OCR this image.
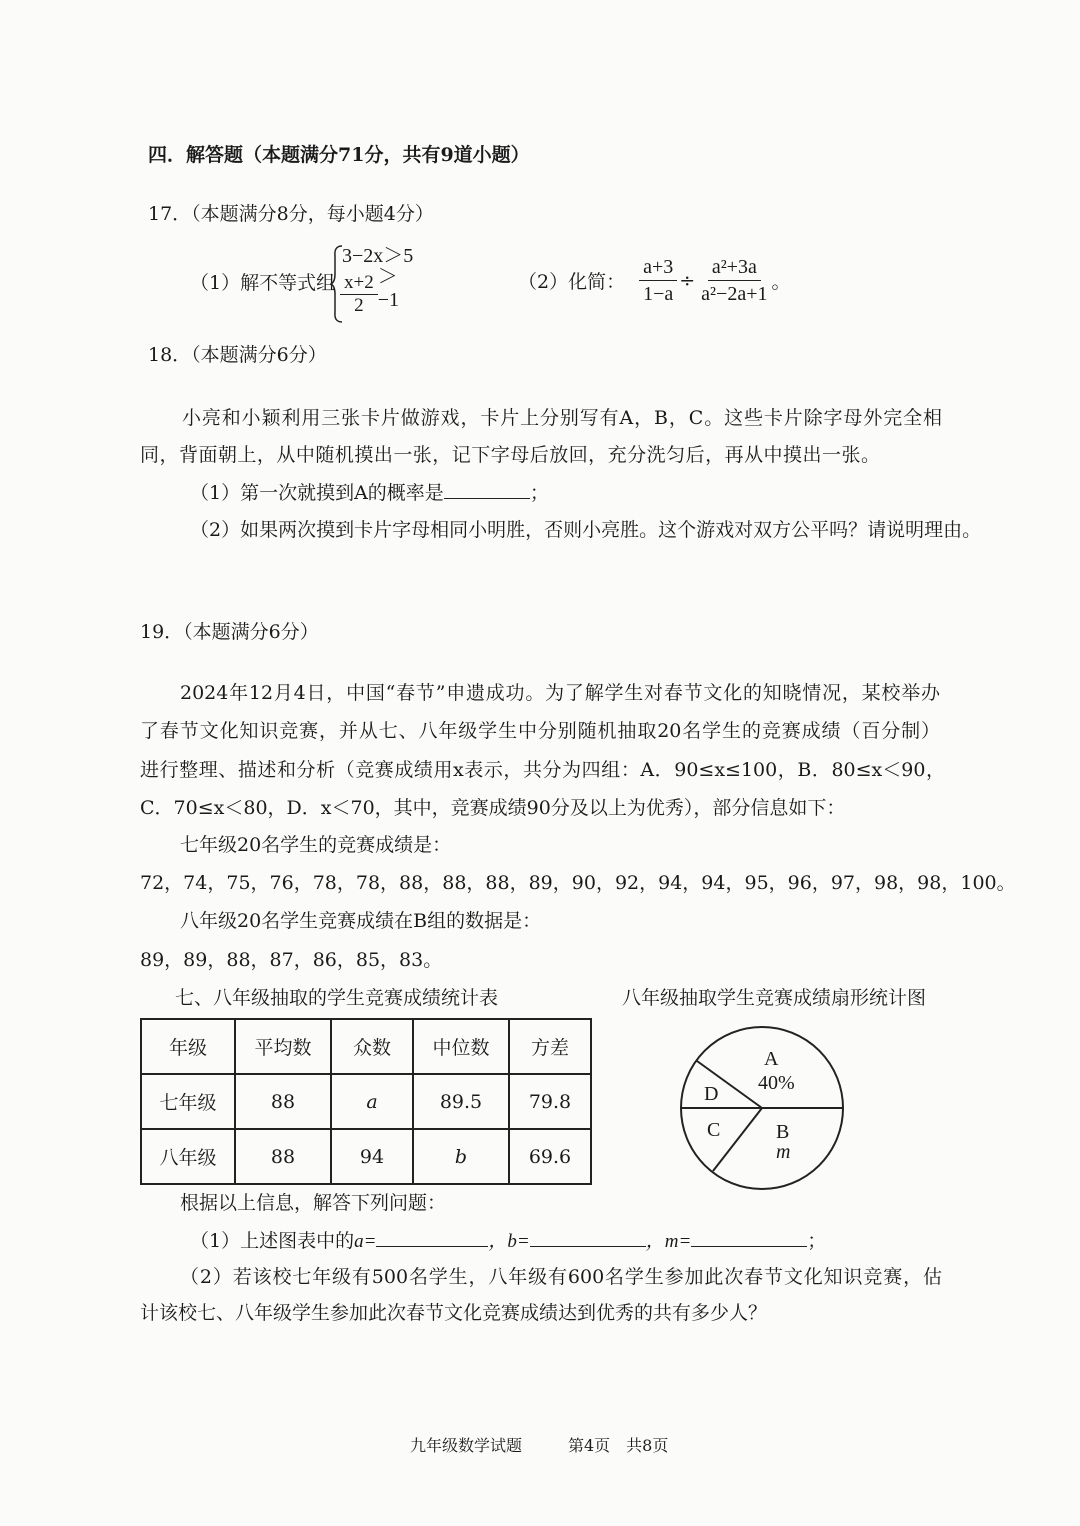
四．解答题（本题满分71分，共有9道小题）
17．（本题满分8分，每小题4分）
（1）解不等式组
3−2x＞5
$\frac{x+2}{2} >-1$
（2）化简： $\frac{a+3}{1-a} \div \frac{\text{a²+3a}}{\text{a²−2a+1}}$ 。
18．（本题满分6分）
小亮和小颖利用三张卡片做游戏，卡片上分别写有A，B，C。这些卡片除字母外完全相
同，背面朝上，从中随机摸出一张，记下字母后放回，充分洗匀后，再从中摸出一张。
（1）第一次就摸到A的概率是	；
（2）如果两次摸到卡片字母相同小明胜，否则小亮胜。这个游戏对双方公平吗？请说明理由。
19．（本题满分6分）
2024年12月4日，中国“春节”申遗成功。为了解学生对春节文化的知晓情况，某校举办
了春节文化知识竞赛，并从七、八年级学生中分别随机抽取20名学生的竞赛成绩（百分制）
进行整理、描述和分析（竞赛成绩用x表示，共分为四组：A．90≤x≤100，B．80≤x＜90，
C．70≤x＜80，D．x＜70，其中，竞赛成绩90分及以上为优秀），部分信息如下：
七年级20名学生的竞赛成绩是：
72，74，75，76，78，78，88，88，88，89，90，92，94，94，95，96，97，98，98，100。
八年级20名学生竞赛成绩在B组的数据是：
89，89，88，87，86，85，83。
七、八年级抽取的学生竞赛成绩统计表	八年级抽取学生竞赛成绩扇形统计图
年级	平均数	众数	中位数	方差
七年级	88	a	89.5	79.8
八年级	88	94	b	69.6
A
40%
D
C	B
m
根据以上信息，解答下列问题：
（1）上述图表中的a=	，b=	，m=	；
（2）若该校七年级有500名学生，八年级有600名学生参加此次春节文化知识竞赛，估
计该校七、八年级学生参加此次春节文化竞赛成绩达到优秀的共有多少人？
九年级数学试题	第4页　共8页
